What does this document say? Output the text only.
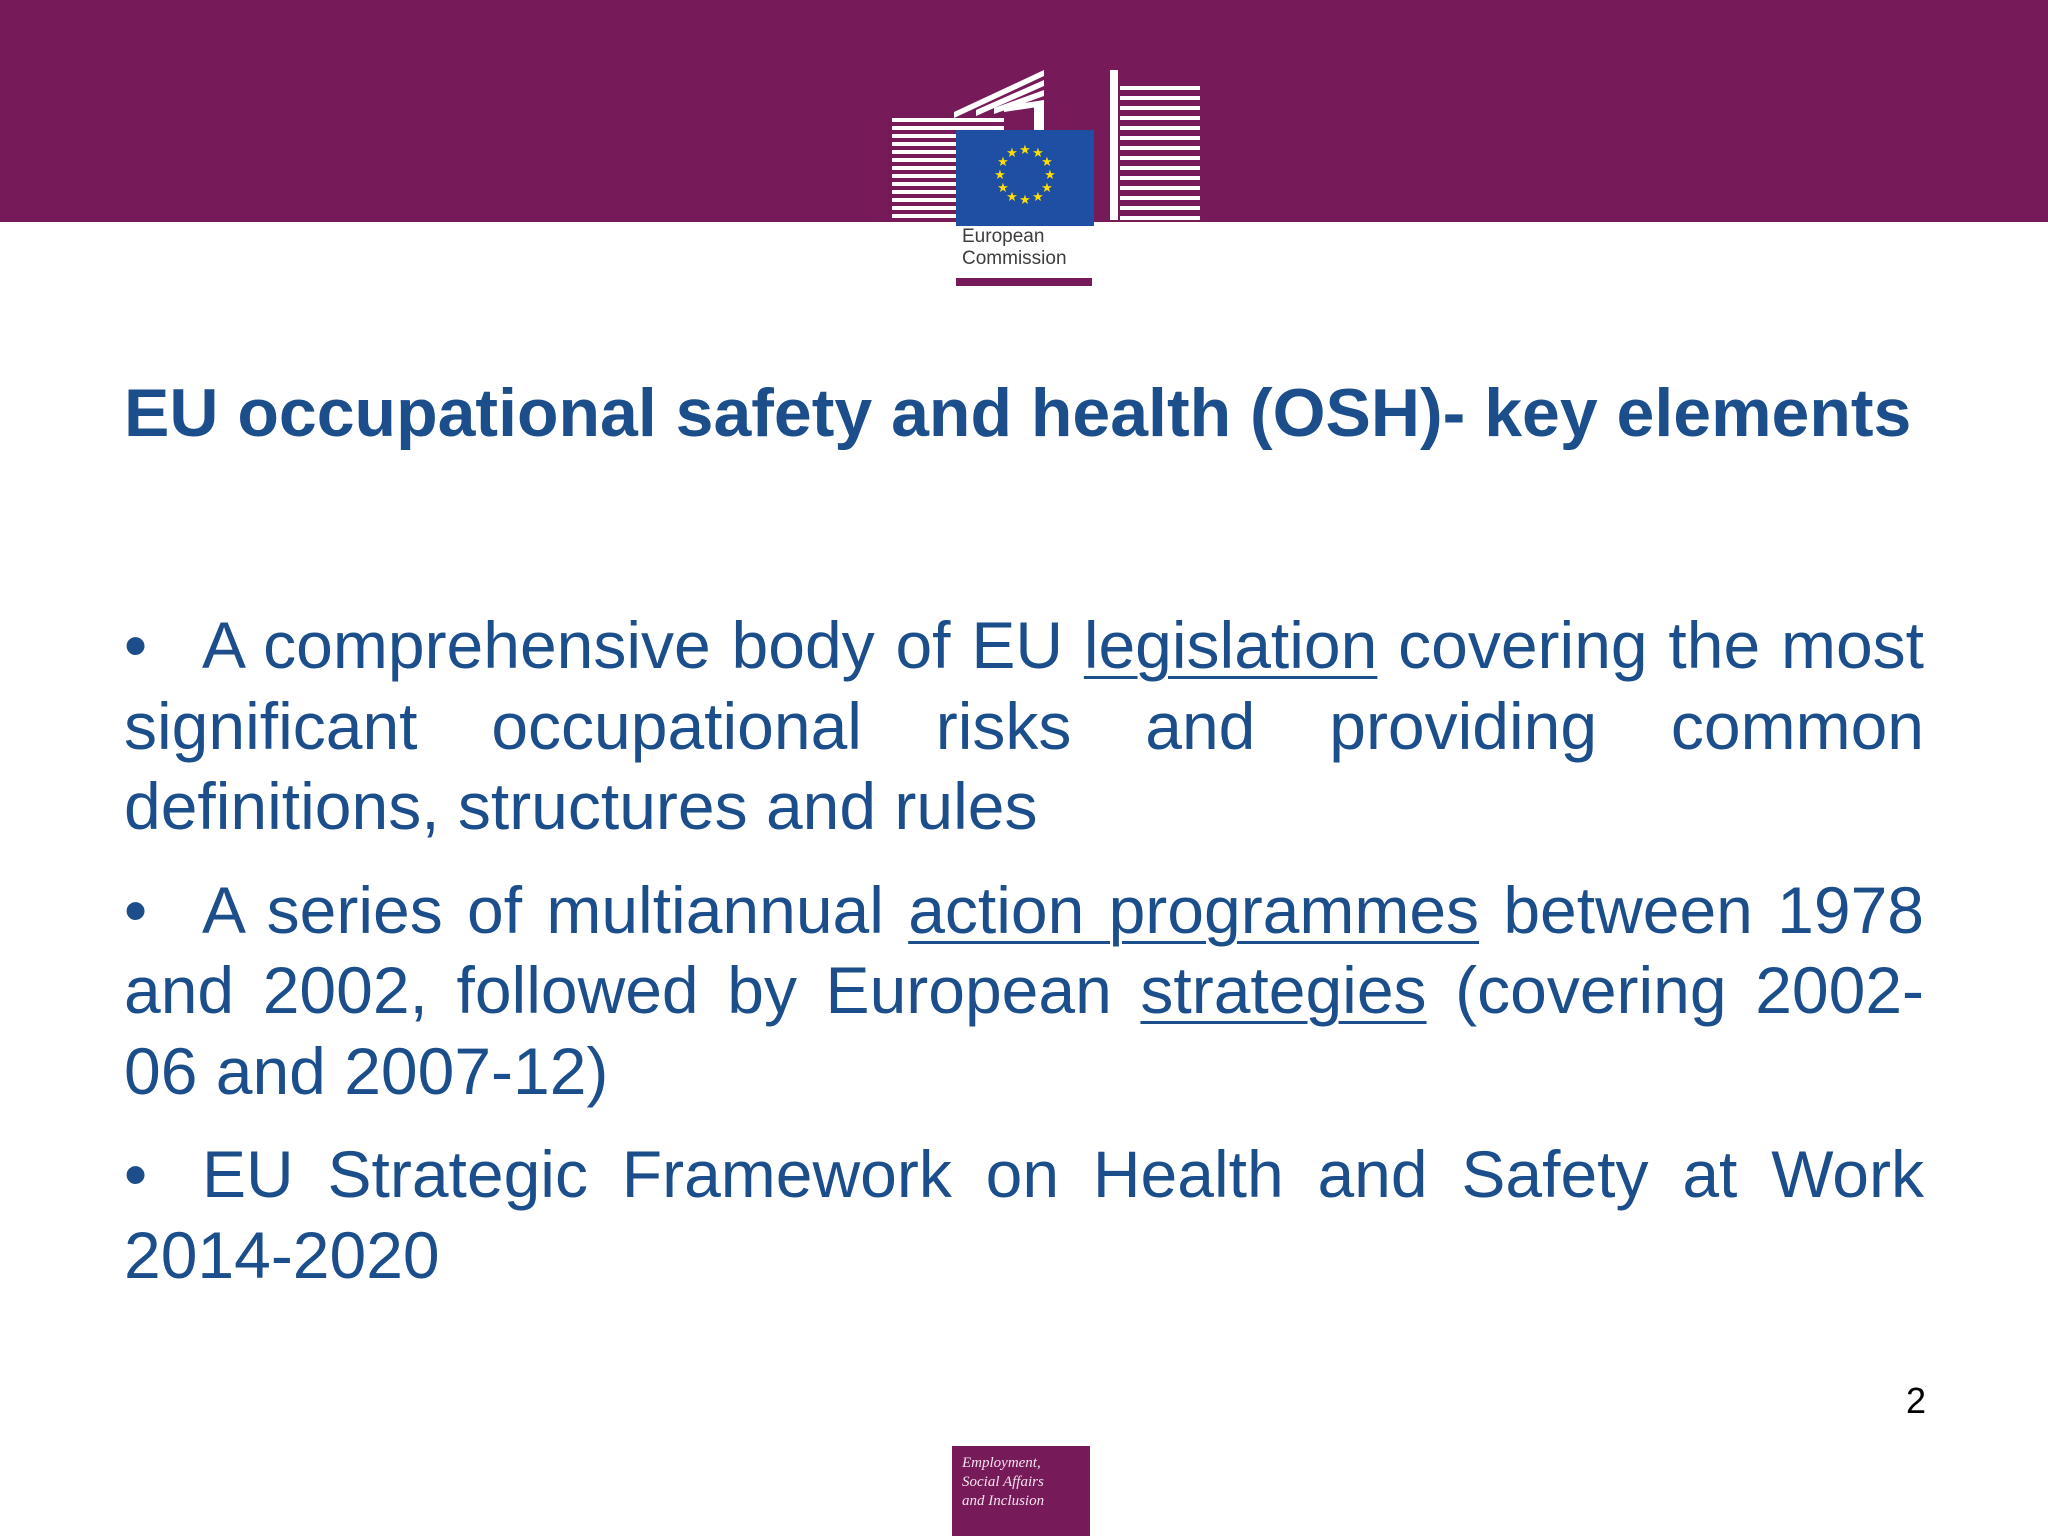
★ ★
★
★
★
★
★
★
★
★
★
★
European
Commission
EU occupational safety and health (OSH)- key elements

• A comprehensive body of EU legislation covering the most significant occupational risks and providing common definitions, structures and rules

• A series of multiannual action programmes between 1978 and 2002, followed by European strategies (covering 2002-06 and 2007-12)

• EU Strategic Framework on Health and Safety at Work 2014-2020

2
Employment,
Social Affairs
and Inclusion
